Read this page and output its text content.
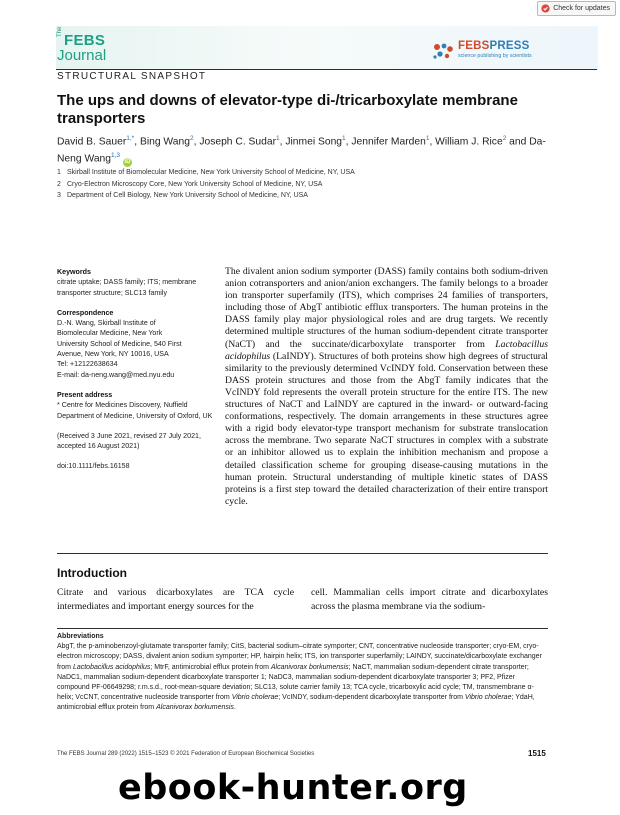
Check for updates
The
FEBS
Journal
FEBSPRESS
science publishing by scientists
STRUCTURAL SNAPSHOT
The ups and downs of elevator-type di-/tricarboxylate membrane transporters
David B. Sauer$^{1,*}$, Bing Wang$^2$, Joseph C. Sudar$^1$, Jinmei Song$^1$, Jennifer Marden$^1$, William J. Rice$^2$ and Da-Neng Wang$^{1,3}$ iD
1 Skirball Institute of Biomolecular Medicine, New York University School of Medicine, NY, USA
2 Cryo-Electron Microscopy Core, New York University School of Medicine, NY, USA
3 Department of Cell Biology, New York University School of Medicine, NY, USA
Keywords
citrate uptake; DASS family; ITS; membrane transporter structure; SLC13 family
Correspondence
D.-N. Wang, Skirball Institute of
Biomolecular Medicine, New York
University School of Medicine, 540 First
Avenue, New York, NY 10016, USA
Tel: +12122638634
E-mail: da-neng.wang@med.nyu.edu
Present address
* Centre for Medicines Discovery, Nuffield Department of Medicine, University of Oxford, UK
(Received 3 June 2021, revised 27 July 2021, accepted 16 August 2021)
doi:10.1111/febs.16158
The divalent anion sodium symporter (DASS) family contains both sodium-driven anion cotransporters and anion/anion exchangers. The family belongs to a broader ion transporter superfamily (ITS), which comprises 24 families of transporters, including those of AbgT antibiotic efflux transporters. The human proteins in the DASS family play major physiological roles and are drug targets. We recently determined multiple structures of the human sodium-dependent citrate transporter (NaCT) and the succinate/dicarboxylate transporter from Lactobacillus acidophilus (LaINDY). Structures of both proteins show high degrees of structural similarity to the previously determined VcINDY fold. Conservation between these DASS protein structures and those from the AbgT family indicates that the VcINDY fold represents the overall protein structure for the entire ITS. The new structures of NaCT and LaINDY are captured in the inward- or outward-facing conformations, respectively. The domain arrangements in these structures agree with a rigid body elevator-type transport mechanism for substrate translocation across the membrane. Two separate NaCT structures in complex with a substrate or an inhibitor allowed us to explain the inhibition mechanism and propose a detailed classification scheme for grouping disease-causing mutations in the human protein. Structural understanding of multiple kinetic states of DASS proteins is a first step toward the detailed characterization of their entire transport cycle.
Introduction
Citrate and various dicarboxylates are TCA cycle intermediates and important energy sources for the
cell. Mammalian cells import citrate and dicarboxylates across the plasma membrane via the sodium-
Abbreviations
AbgT, the p-aminobenzoyl-glutamate transporter family; CitS, bacterial sodium–citrate symporter; CNT, concentrative nucleoside transporter; cryo-EM, cryo-electron microscopy; DASS, divalent anion sodium symporter; HP, hairpin helix; ITS, ion transporter superfamily; LAINDY, succinate/dicarboxylate exchanger from Lactobacillus acidophilus; MtrF, antimicrobial efflux protein from Alcanivorax borkumensis; NaCT, mammalian sodium-dependent citrate transporter; NaDC1, mammalian sodium-dependent dicarboxylate transporter 1; NaDC3, mammalian sodium-dependent dicarboxylate transporter 3; PF2, Pfizer compound PF-06649298; r.m.s.d., root-mean-square deviation; SLC13, solute carrier family 13; TCA cycle, tricarboxylic acid cycle; TM, transmembrane α-helix; VcCNT, concentrative nucleoside transporter from Vibrio cholerae; VcINDY, sodium-dependent dicarboxylate transporter from Vibrio cholerae; YdaH, antimicrobial efflux protein from Alcanivorax borkumensis.
The FEBS Journal 289 (2022) 1515–1523 © 2021 Federation of European Biochemical Societies	1515
ebook-hunter.org
